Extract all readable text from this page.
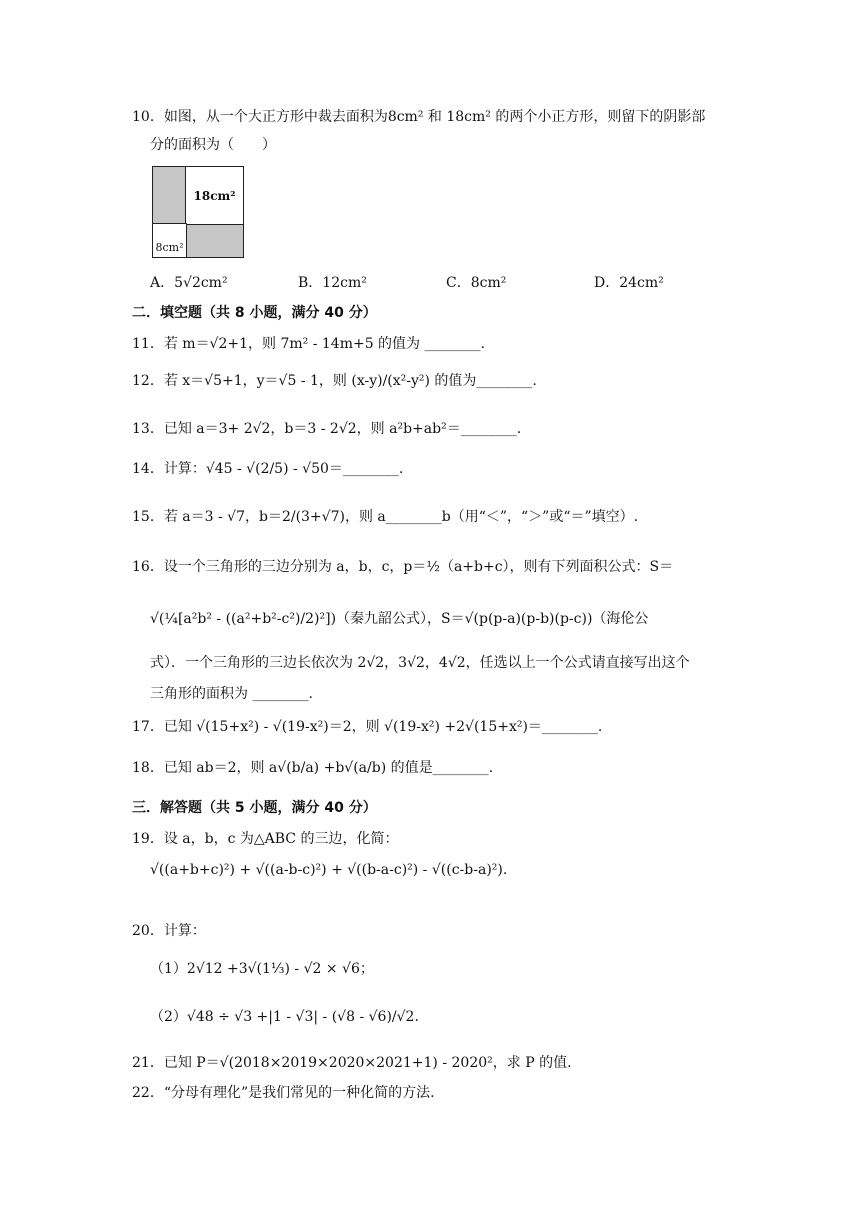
10．如图，从一个大正方形中裁去面积为8cm² 和 18cm² 的两个小正方形，则留下的阴影部
分的面积为（　　）
18cm²
8cm²
A．5√2cm²	B．12cm²	C．8cm²	D．24cm²
二．填空题（共 8 小题，满分 40 分）
11．若 m＝√2+1，则 7m² - 14m+5 的值为 ________.
12．若 x＝√5+1，y＝√5 - 1，则 (x-y)/(x²-y²) 的值为________.
13．已知 a＝3+ 2√2，b＝3 - 2√2，则 a²b+ab²＝________.
14．计算：√45 - √(2/5) - √50＝________.
15．若 a＝3 - √7，b＝2/(3+√7)，则 a________b（用“＜”，“＞”或“＝”填空）.
16．设一个三角形的三边分别为 a，b，c，p＝½（a+b+c），则有下列面积公式：S＝
√(¼[a²b² - ((a²+b²-c²)/2)²])（秦九韶公式），S＝√(p(p-a)(p-b)(p-c))（海伦公
式）．一个三角形的三边长依次为 2√2，3√2，4√2，任选以上一个公式请直接写出这个
三角形的面积为 ________.
17．已知 √(15+x²) - √(19-x²)＝2，则 √(19-x²) +2√(15+x²)＝________.
18．已知 ab＝2，则 a√(b/a) +b√(a/b) 的值是________.
三．解答题（共 5 小题，满分 40 分）
19．设 a，b，c 为△ABC 的三边，化简：
√((a+b+c)²) + √((a-b-c)²) + √((b-a-c)²) - √((c-b-a)²).
20．计算：
（1）2√12 +3√(1⅓) - √2 × √6；
（2）√48 ÷ √3 +|1 - √3| - (√8 - √6)/√2.
21．已知 P＝√(2018×2019×2020×2021+1) - 2020²，求 P 的值.
22．“分母有理化”是我们常见的一种化简的方法.
